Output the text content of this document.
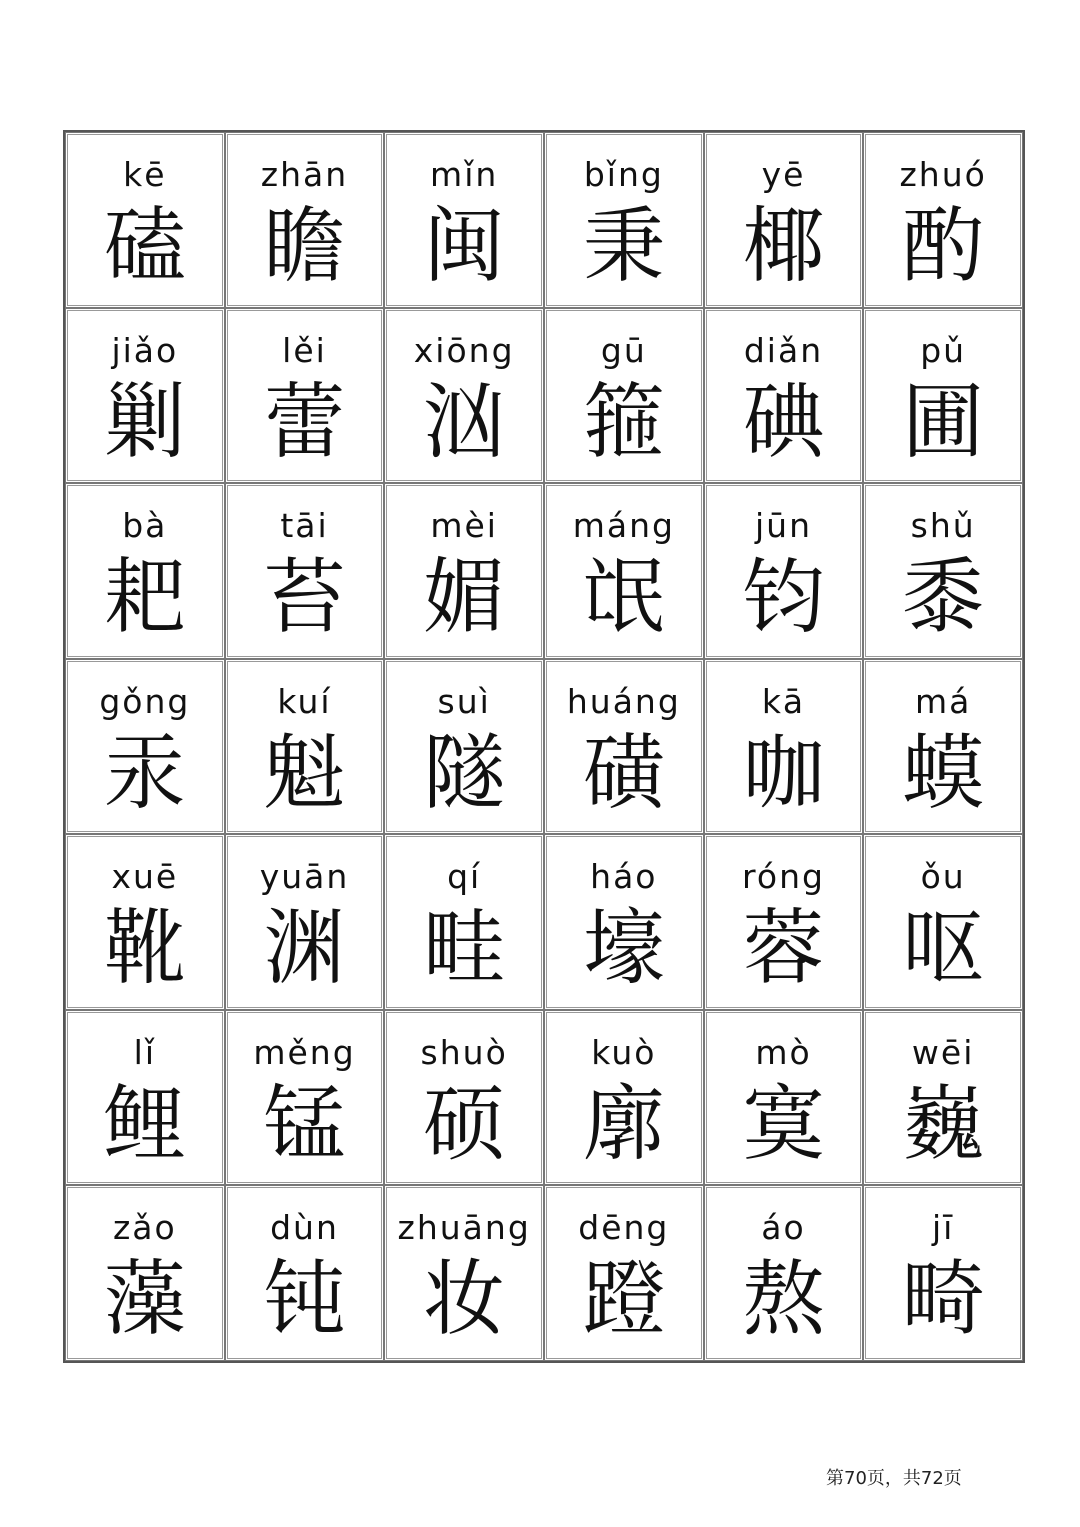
kē
磕
zhān
瞻
mǐn
闽
bǐng
秉
yē
椰
zhuó
酌
jiǎo
剿
lěi
蕾
xiōng
汹
gū
箍
diǎn
碘
pǔ
圃
bà
耙
tāi
苔
mèi
媚
máng
氓
jūn
钧
shǔ
黍
gǒng
汞
kuí
魁
suì
隧
huáng
磺
kā
咖
má
蟆
xuē
靴
yuān
渊
qí
畦
háo
壕
róng
蓉
ǒu
呕
lǐ
鲤
měng
锰
shuò
硕
kuò
廓
mò
寞
wēi
巍
zǎo
藻
dùn
钝
zhuāng
妆
dēng
蹬
áo
熬
jī
畸
第70页，共72页
